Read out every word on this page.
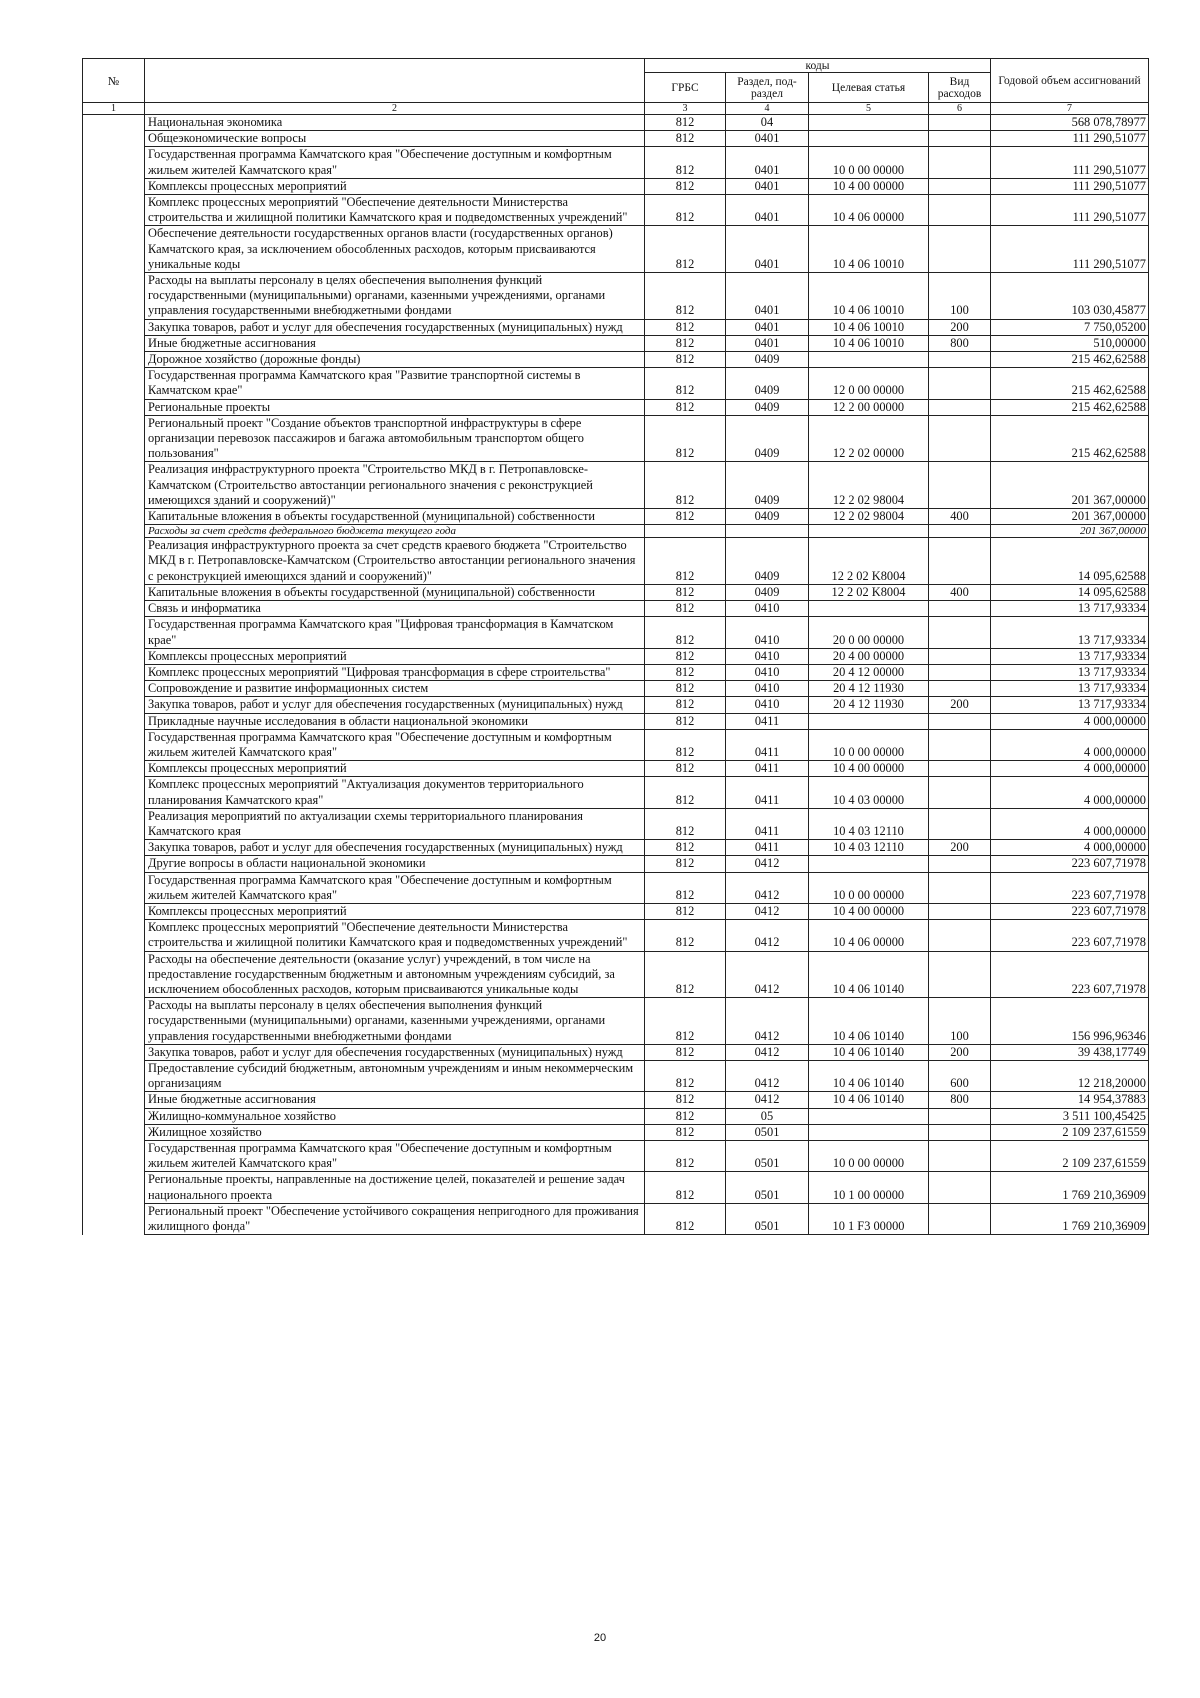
№		коды				Годовой объем ассигнований
		ГРБС	Раздел, под-раздел	Целевая статья	Вид расходов	
1	2	3	4	5	6	7
	Национальная экономика	812	04			568 078,78977
	Общеэкономические вопросы	812	0401			111 290,51077
	Государственная программа Камчатского края "Обеспечение доступным и комфортным жильем жителей Камчатского края"	812	0401	10 0 00 00000		111 290,51077
	Комплексы процессных мероприятий	812	0401	10 4 00 00000		111 290,51077
	Комплекс процессных мероприятий "Обеспечение деятельности Министерства строительства и жилищной политики Камчатского края и подведомственных учреждений"	812	0401	10 4 06 00000		111 290,51077
	Обеспечение деятельности государственных органов власти (государственных органов) Камчатского края, за исключением обособленных расходов, которым присваиваются уникальные коды	812	0401	10 4 06 10010		111 290,51077
	Расходы на выплаты персоналу в целях обеспечения выполнения функций государственными (муниципальными) органами, казенными учреждениями, органами управления государственными внебюджетными фондами	812	0401	10 4 06 10010	100	103 030,45877
	Закупка товаров, работ и услуг для обеспечения государственных (муниципальных) нужд	812	0401	10 4 06 10010	200	7 750,05200
	Иные бюджетные ассигнования	812	0401	10 4 06 10010	800	510,00000
	Дорожное хозяйство (дорожные фонды)	812	0409			215 462,62588
	Государственная программа Камчатского края "Развитие транспортной системы в Камчатском крае"	812	0409	12 0 00 00000		215 462,62588
	Региональные проекты	812	0409	12 2 00 00000		215 462,62588
	Региональный проект "Создание объектов транспортной инфраструктуры в сфере организации перевозок пассажиров и багажа автомобильным транспортом общего пользования"	812	0409	12 2 02 00000		215 462,62588
	Реализация инфраструктурного проекта "Строительство МКД в г. Петропавловске-Камчатском (Строительство автостанции регионального значения с реконструкцией имеющихся зданий и сооружений)"	812	0409	12 2 02 98004		201 367,00000
	Капитальные вложения в объекты государственной (муниципальной) собственности	812	0409	12 2 02 98004	400	201 367,00000
	Расходы за счет средств федерального бюджета текущего года					201 367,00000
	Реализация инфраструктурного проекта за счет средств краевого бюджета "Строительство МКД в г. Петропавловске-Камчатском (Строительство автостанции регионального значения с реконструкцией имеющихся зданий и сооружений)"	812	0409	12 2 02 K8004		14 095,62588
	Капитальные вложения в объекты государственной (муниципальной) собственности	812	0409	12 2 02 K8004	400	14 095,62588
	Связь и информатика	812	0410			13 717,93334
	Государственная программа Камчатского края "Цифровая трансформация в Камчатском крае"	812	0410	20 0 00 00000		13 717,93334
	Комплексы процессных мероприятий	812	0410	20 4 00 00000		13 717,93334
	Комплекс процессных мероприятий "Цифровая трансформация в сфере строительства"	812	0410	20 4 12 00000		13 717,93334
	Сопровождение и развитие информационных систем	812	0410	20 4 12 11930		13 717,93334
	Закупка товаров, работ и услуг для обеспечения государственных (муниципальных) нужд	812	0410	20 4 12 11930	200	13 717,93334
	Прикладные научные исследования в области национальной экономики	812	0411			4 000,00000
	Государственная программа Камчатского края "Обеспечение доступным и комфортным жильем жителей Камчатского края"	812	0411	10 0 00 00000		4 000,00000
	Комплексы процессных мероприятий	812	0411	10 4 00 00000		4 000,00000
	Комплекс процессных мероприятий "Актуализация документов территориального планирования Камчатского края"	812	0411	10 4 03 00000		4 000,00000
	Реализация мероприятий по актуализации схемы территориального планирования Камчатского края	812	0411	10 4 03 12110		4 000,00000
	Закупка товаров, работ и услуг для обеспечения государственных (муниципальных) нужд	812	0411	10 4 03 12110	200	4 000,00000
	Другие вопросы в области национальной экономики	812	0412			223 607,71978
	Государственная программа Камчатского края "Обеспечение доступным и комфортным жильем жителей Камчатского края"	812	0412	10 0 00 00000		223 607,71978
	Комплексы процессных мероприятий	812	0412	10 4 00 00000		223 607,71978
	Комплекс процессных мероприятий "Обеспечение деятельности Министерства строительства и жилищной политики Камчатского края и подведомственных учреждений"	812	0412	10 4 06 00000		223 607,71978
	Расходы на обеспечение деятельности (оказание услуг) учреждений, в том числе на предоставление государственным бюджетным и автономным учреждениям субсидий, за исключением обособленных расходов, которым присваиваются уникальные коды	812	0412	10 4 06 10140		223 607,71978
	Расходы на выплаты персоналу в целях обеспечения выполнения функций государственными (муниципальными) органами, казенными учреждениями, органами управления государственными внебюджетными фондами	812	0412	10 4 06 10140	100	156 996,96346
	Закупка товаров, работ и услуг для обеспечения государственных (муниципальных) нужд	812	0412	10 4 06 10140	200	39 438,17749
	Предоставление субсидий бюджетным, автономным учреждениям и иным некоммерческим организациям	812	0412	10 4 06 10140	600	12 218,20000
	Иные бюджетные ассигнования	812	0412	10 4 06 10140	800	14 954,37883
	Жилищно-коммунальное хозяйство	812	05			3 511 100,45425
	Жилищное хозяйство	812	0501			2 109 237,61559
	Государственная программа Камчатского края "Обеспечение доступным и комфортным жильем жителей Камчатского края"	812	0501	10 0 00 00000		2 109 237,61559
	Региональные проекты, направленные на достижение целей, показателей и решение задач национального проекта	812	0501	10 1 00 00000		1 769 210,36909
	Региональный проект "Обеспечение устойчивого сокращения непригодного для проживания жилищного фонда"	812	0501	10 1 F3 00000		1 769 210,36909
20
